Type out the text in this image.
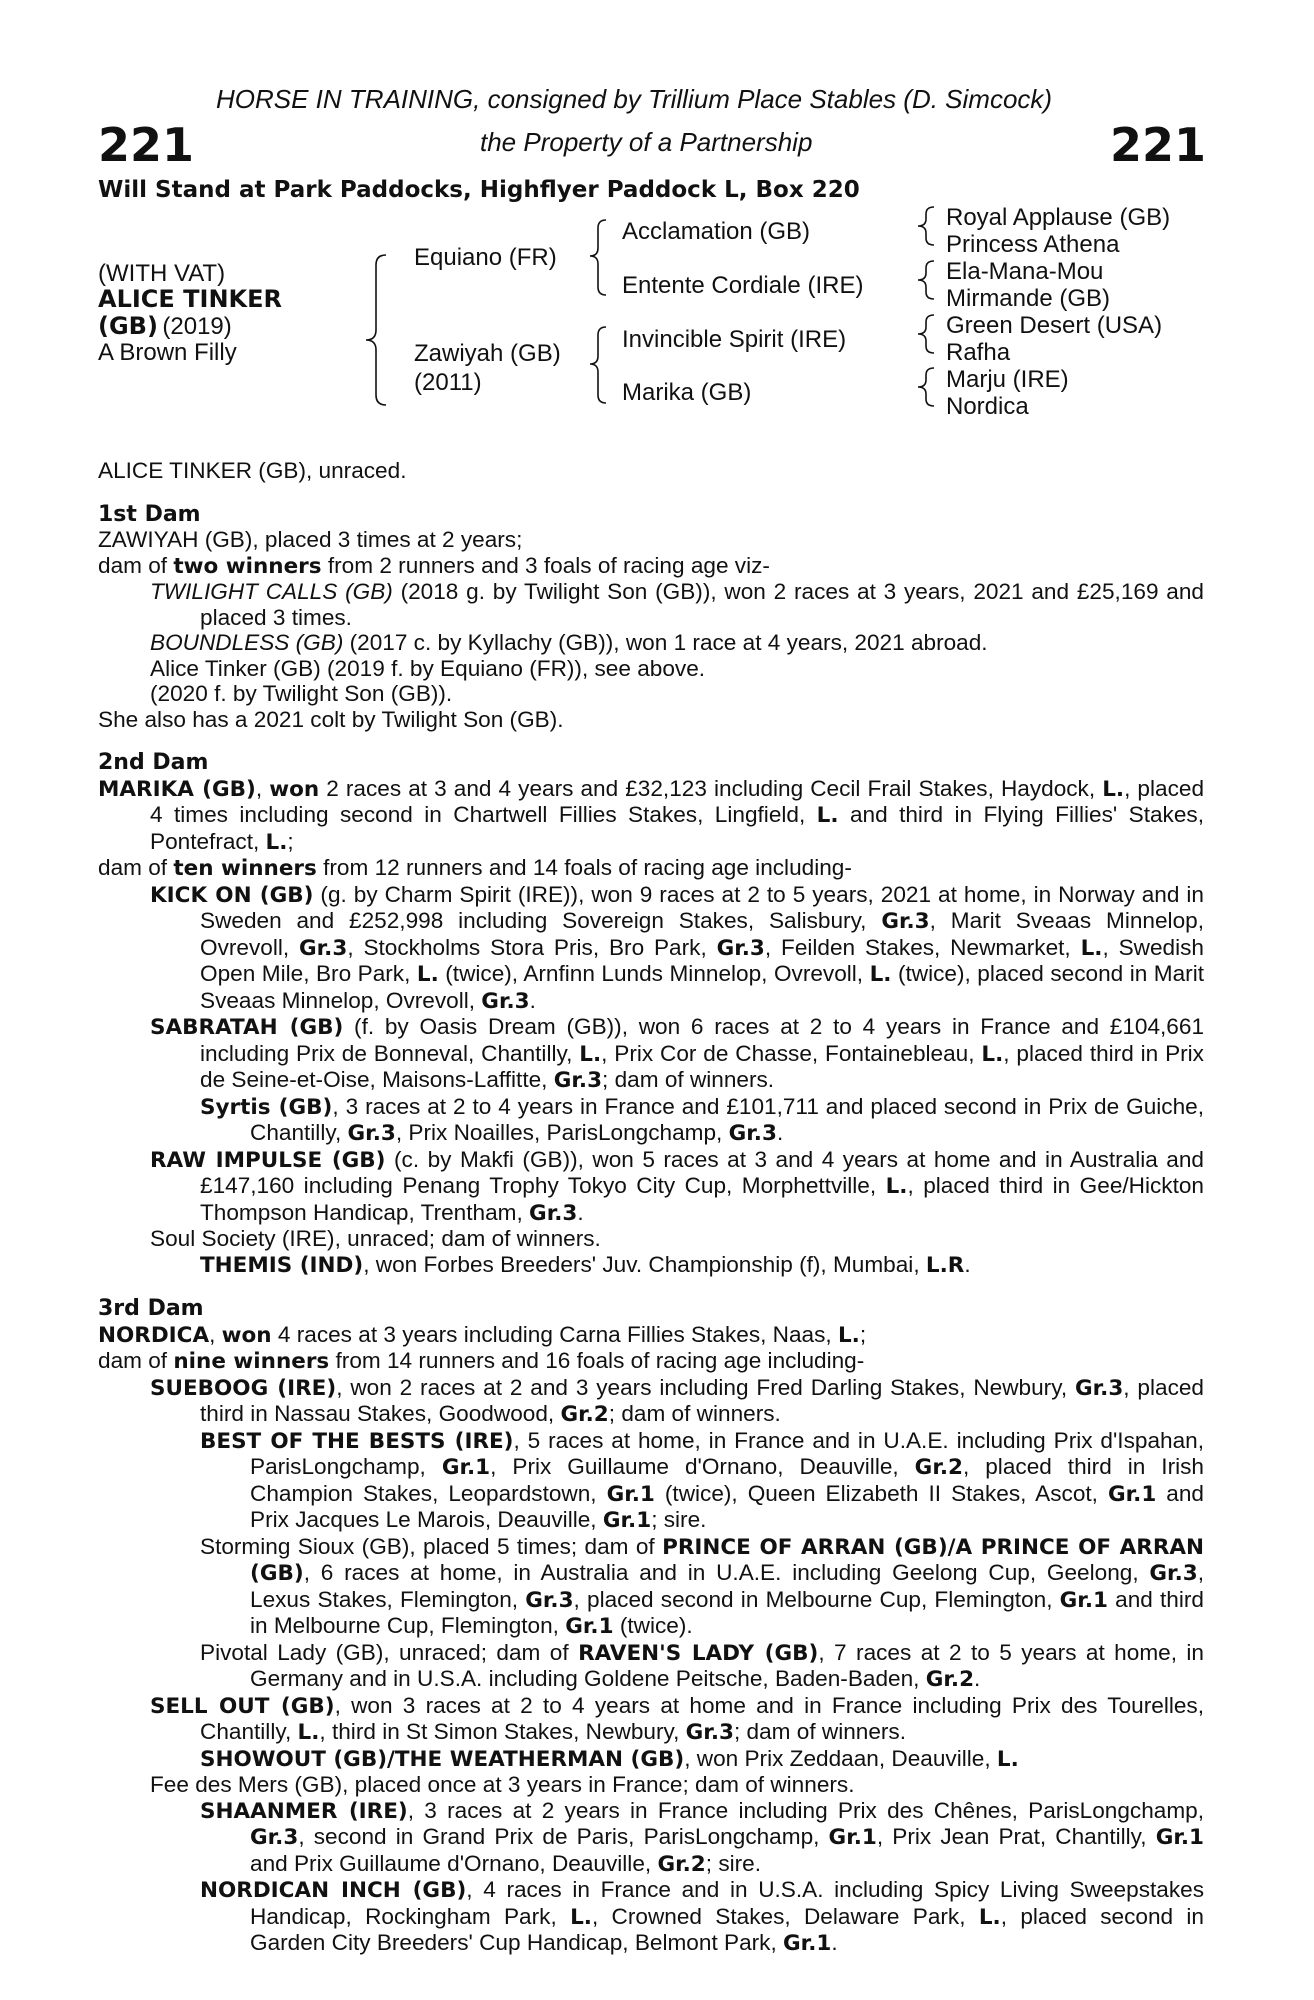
221	221
HORSE IN TRAINING, consigned by Trillium Place Stables (D. Simcock)
the Property of a Partnership
Will Stand at Park Paddocks, Highflyer Paddock L, Box 220
(WITH VAT)
ALICE TINKER
(GB) (2019)
A Brown Filly
Equiano (FR)
Zawiyah (GB)
(2011)
Acclamation (GB)
Entente Cordiale (IRE)
Invincible Spirit (IRE)
Marika (GB)
Royal Applause (GB)
Princess Athena
Ela-Mana-Mou
Mirmande (GB)
Green Desert (USA)
Rafha
Marju (IRE)
Nordica

ALICE TINKER (GB), unraced.

1st Dam

ZAWIYAH (GB), placed 3 times at 2 years;

dam of two winners from 2 runners and 3 foals of racing age viz-

TWILIGHT CALLS (GB) (2018 g. by Twilight Son (GB)), won 2 races at 3 years, 2021 and £25,169 and placed 3 times.

BOUNDLESS (GB) (2017 c. by Kyllachy (GB)), won 1 race at 4 years, 2021 abroad.

Alice Tinker (GB) (2019 f. by Equiano (FR)), see above.

(2020 f. by Twilight Son (GB)).

She also has a 2021 colt by Twilight Son (GB).

2nd Dam

MARIKA (GB), won 2 races at 3 and 4 years and £32,123 including Cecil Frail Stakes, Haydock, L., placed 4 times including second in Chartwell Fillies Stakes, Lingfield, L. and third in Flying Fillies' Stakes, Pontefract, L.;

dam of ten winners from 12 runners and 14 foals of racing age including-

KICK ON (GB) (g. by Charm Spirit (IRE)), won 9 races at 2 to 5 years, 2021 at home, in Norway and in Sweden and £252,998 including Sovereign Stakes, Salisbury, Gr.3, Marit Sveaas Minnelop, Ovrevoll, Gr.3, Stockholms Stora Pris, Bro Park, Gr.3, Feilden Stakes, Newmarket, L., Swedish Open Mile, Bro Park, L. (twice), Arnfinn Lunds Minnelop, Ovrevoll, L. (twice), placed second in Marit Sveaas Minnelop, Ovrevoll, Gr.3.

SABRATAH (GB) (f. by Oasis Dream (GB)), won 6 races at 2 to 4 years in France and £104,661 including Prix de Bonneval, Chantilly, L., Prix Cor de Chasse, Fontainebleau, L., placed third in Prix de Seine-et-Oise, Maisons-Laffitte, Gr.3; dam of winners.

Syrtis (GB), 3 races at 2 to 4 years in France and £101,711 and placed second in Prix de Guiche, Chantilly, Gr.3, Prix Noailles, ParisLongchamp, Gr.3.

RAW IMPULSE (GB) (c. by Makfi (GB)), won 5 races at 3 and 4 years at home and in Australia and £147,160 including Penang Trophy Tokyo City Cup, Morphettville, L., placed third in Gee/Hickton Thompson Handicap, Trentham, Gr.3.

Soul Society (IRE), unraced; dam of winners.

THEMIS (IND), won Forbes Breeders' Juv. Championship (f), Mumbai, L.R.

3rd Dam

NORDICA, won 4 races at 3 years including Carna Fillies Stakes, Naas, L.;

dam of nine winners from 14 runners and 16 foals of racing age including-

SUEBOOG (IRE), won 2 races at 2 and 3 years including Fred Darling Stakes, Newbury, Gr.3, placed third in Nassau Stakes, Goodwood, Gr.2; dam of winners.

BEST OF THE BESTS (IRE), 5 races at home, in France and in U.A.E. including Prix d'Ispahan, ParisLongchamp, Gr.1, Prix Guillaume d'Ornano, Deauville, Gr.2, placed third in Irish Champion Stakes, Leopardstown, Gr.1 (twice), Queen Elizabeth II Stakes, Ascot, Gr.1 and Prix Jacques Le Marois, Deauville, Gr.1; sire.

Storming Sioux (GB), placed 5 times; dam of PRINCE OF ARRAN (GB)/A PRINCE OF ARRAN (GB), 6 races at home, in Australia and in U.A.E. including Geelong Cup, Geelong, Gr.3, Lexus Stakes, Flemington, Gr.3, placed second in Melbourne Cup, Flemington, Gr.1 and third in Melbourne Cup, Flemington, Gr.1 (twice).

Pivotal Lady (GB), unraced; dam of RAVEN'S LADY (GB), 7 races at 2 to 5 years at home, in Germany and in U.S.A. including Goldene Peitsche, Baden-Baden, Gr.2.

SELL OUT (GB), won 3 races at 2 to 4 years at home and in France including Prix des Tourelles, Chantilly, L., third in St Simon Stakes, Newbury, Gr.3; dam of winners.

SHOWOUT (GB)/THE WEATHERMAN (GB), won Prix Zeddaan, Deauville, L.

Fee des Mers (GB), placed once at 3 years in France; dam of winners.

SHAANMER (IRE), 3 races at 2 years in France including Prix des Chênes, ParisLongchamp, Gr.3, second in Grand Prix de Paris, ParisLongchamp, Gr.1, Prix Jean Prat, Chantilly, Gr.1 and Prix Guillaume d'Ornano, Deauville, Gr.2; sire.

NORDICAN INCH (GB), 4 races in France and in U.S.A. including Spicy Living Sweepstakes Handicap, Rockingham Park, L., Crowned Stakes, Delaware Park, L., placed second in Garden City Breeders' Cup Handicap, Belmont Park, Gr.1.
